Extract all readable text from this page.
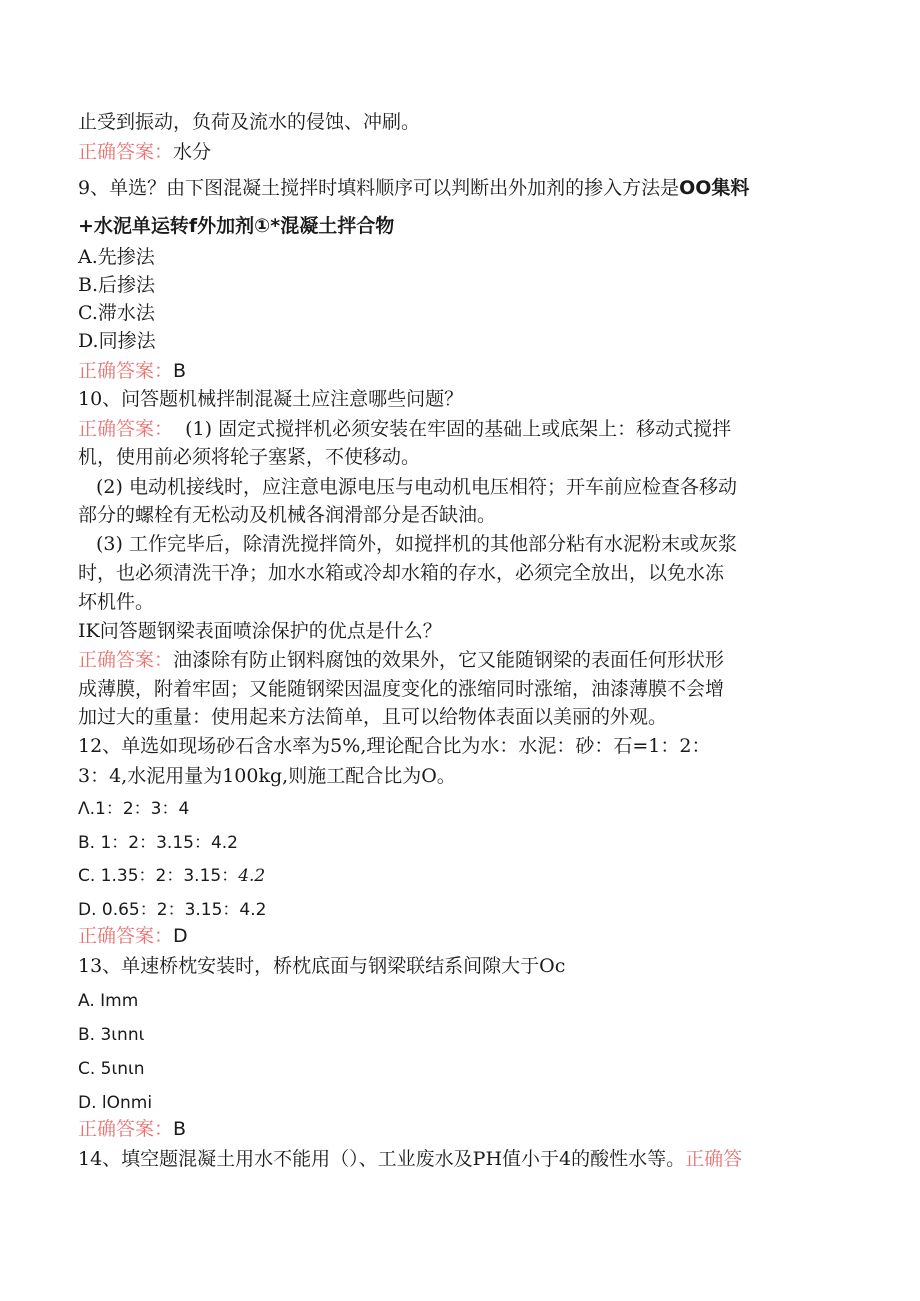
止受到振动，负荷及流水的侵蚀、冲刷。
正确答案：水分
9、单选？由下图混凝土搅拌时填料顺序可以判断出外加剂的掺入方法是OO集料
+水泥单运转f外加剂①*混凝土拌合物
A.先掺法
B.后掺法
C.滞水法
D.同掺法
正确答案：B
10、问答题机械拌制混凝土应注意哪些问题？
正确答案： (1) 固定式搅拌机必须安装在牢固的基础上或底架上：移动式搅拌
机，使用前必须将轮子塞紧，不使移动。
(2) 电动机接线时，应注意电源电压与电动机电压相符；开车前应检查各移动
部分的螺栓有无松动及机械各润滑部分是否缺油。
(3) 工作完毕后，除清洗搅拌筒外，如搅拌机的其他部分粘有水泥粉末或灰浆
时，也必须清洗干净；加水水箱或冷却水箱的存水，必须完全放出，以免水冻
坏机件。
IK问答题钢梁表面喷涂保护的优点是什么？
正确答案：油漆除有防止钢料腐蚀的效果外，它又能随钢梁的表面任何形状形
成薄膜，附着牢固；又能随钢梁因温度变化的涨缩同时涨缩，油漆薄膜不会增
加过大的重量：使用起来方法简单，且可以给物体表面以美丽的外观。
12、单选如现场砂石含水率为5%,理论配合比为水：水泥：砂：石=1：2：
3：4,水泥用量为100kg,则施工配合比为O。
Λ.1：2：3：4
B. 1：2：3.15：4.2
C. 1.35：2：3.15：4.2
D. 0.65：2：3.15：4.2
正确答案：D
13、单速桥枕安装时，桥枕底面与钢梁联结系间隙大于Oc
A. Imm
B. 3ιnnι
C. 5ιnιn
D. lOnmi
正确答案：B
14、填空题混凝土用水不能用（）、工业废水及PH值小于4的酸性水等。正确答
